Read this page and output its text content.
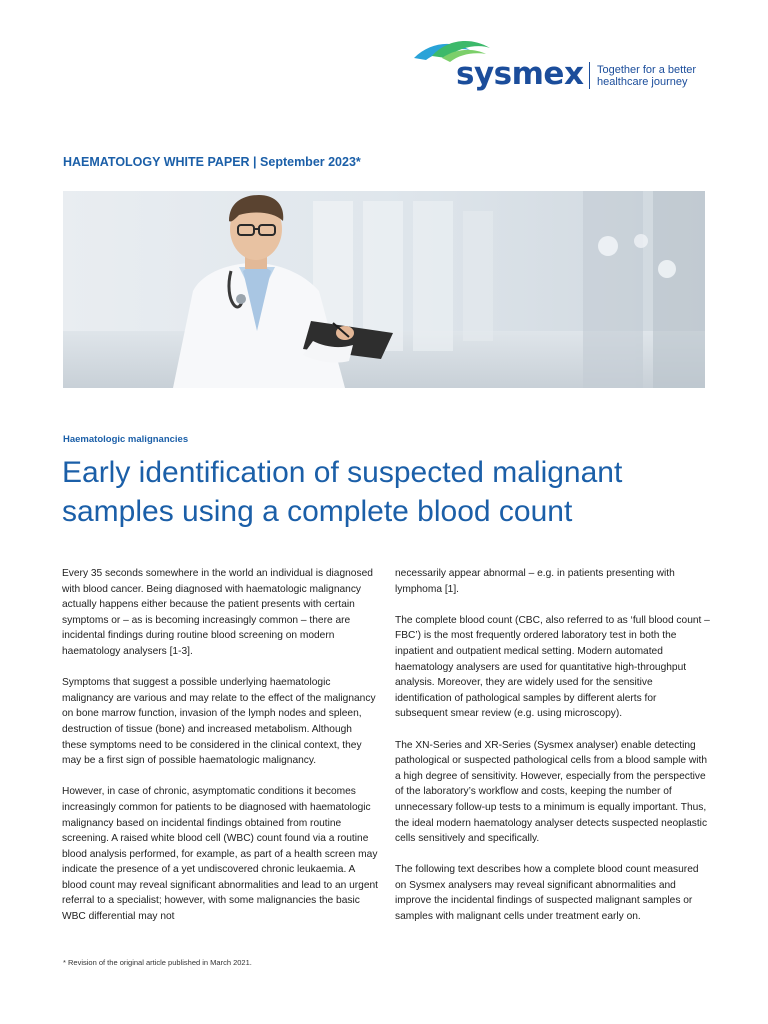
sysmex Together for a better
healthcare journey
HAEMATOLOGY WHITE PAPER | September 2023*
Haematologic malignancies
Early identification of suspected malignant samples using a complete blood count

Every 35 seconds somewhere in the world an individual is diagnosed with blood cancer. Being diagnosed with haematologic malignancy actually happens either because the patient presents with certain symptoms or – as is becoming increasingly common – there are incidental findings during routine blood screening on modern haematology analysers [1-3].

Symptoms that suggest a possible underlying haematologic malignancy are various and may relate to the effect of the malignancy on bone marrow function, invasion of the lymph nodes and spleen, destruction of tissue (bone) and increased metabolism. Although these symptoms need to be considered in the clinical context, they may be a first sign of possible haematologic malignancy.

However, in case of chronic, asymptomatic conditions it becomes increasingly common for patients to be diagnosed with haematologic malignancy based on incidental findings obtained from routine screening. A raised white blood cell (WBC) count found via a routine blood analysis performed, for example, as part of a health screen may indicate the presence of a yet undiscovered chronic leukaemia. A blood count may reveal significant abnormalities and lead to an urgent referral to a specialist; however, with some malignancies the basic WBC differential may not

necessarily appear abnormal – e.g. in patients presenting with lymphoma [1].

The complete blood count (CBC, also referred to as ‘full blood count – FBC’) is the most frequently ordered laboratory test in both the inpatient and outpatient medical setting. Modern automated haematology analysers are used for quantitative high-throughput analysis. Moreover, they are widely used for the sensitive identification of pathological samples by different alerts for subsequent smear review (e.g. using microscopy).

The XN-Series and XR-Series (Sysmex analyser) enable detecting pathological or suspected pathological cells from a blood sample with a high degree of sensitivity. However, especially from the perspective of the laboratory’s workflow and costs, keeping the number of unnecessary follow-up tests to a minimum is equally important. Thus, the ideal modern haematology analyser detects suspected neoplastic cells sensitively and specifically.

The following text describes how a complete blood count measured on Sysmex analysers may reveal significant abnormalities and improve the incidental findings of suspected malignant samples or samples with malignant cells under treatment early on.

* Revision of the original article published in March 2021.
